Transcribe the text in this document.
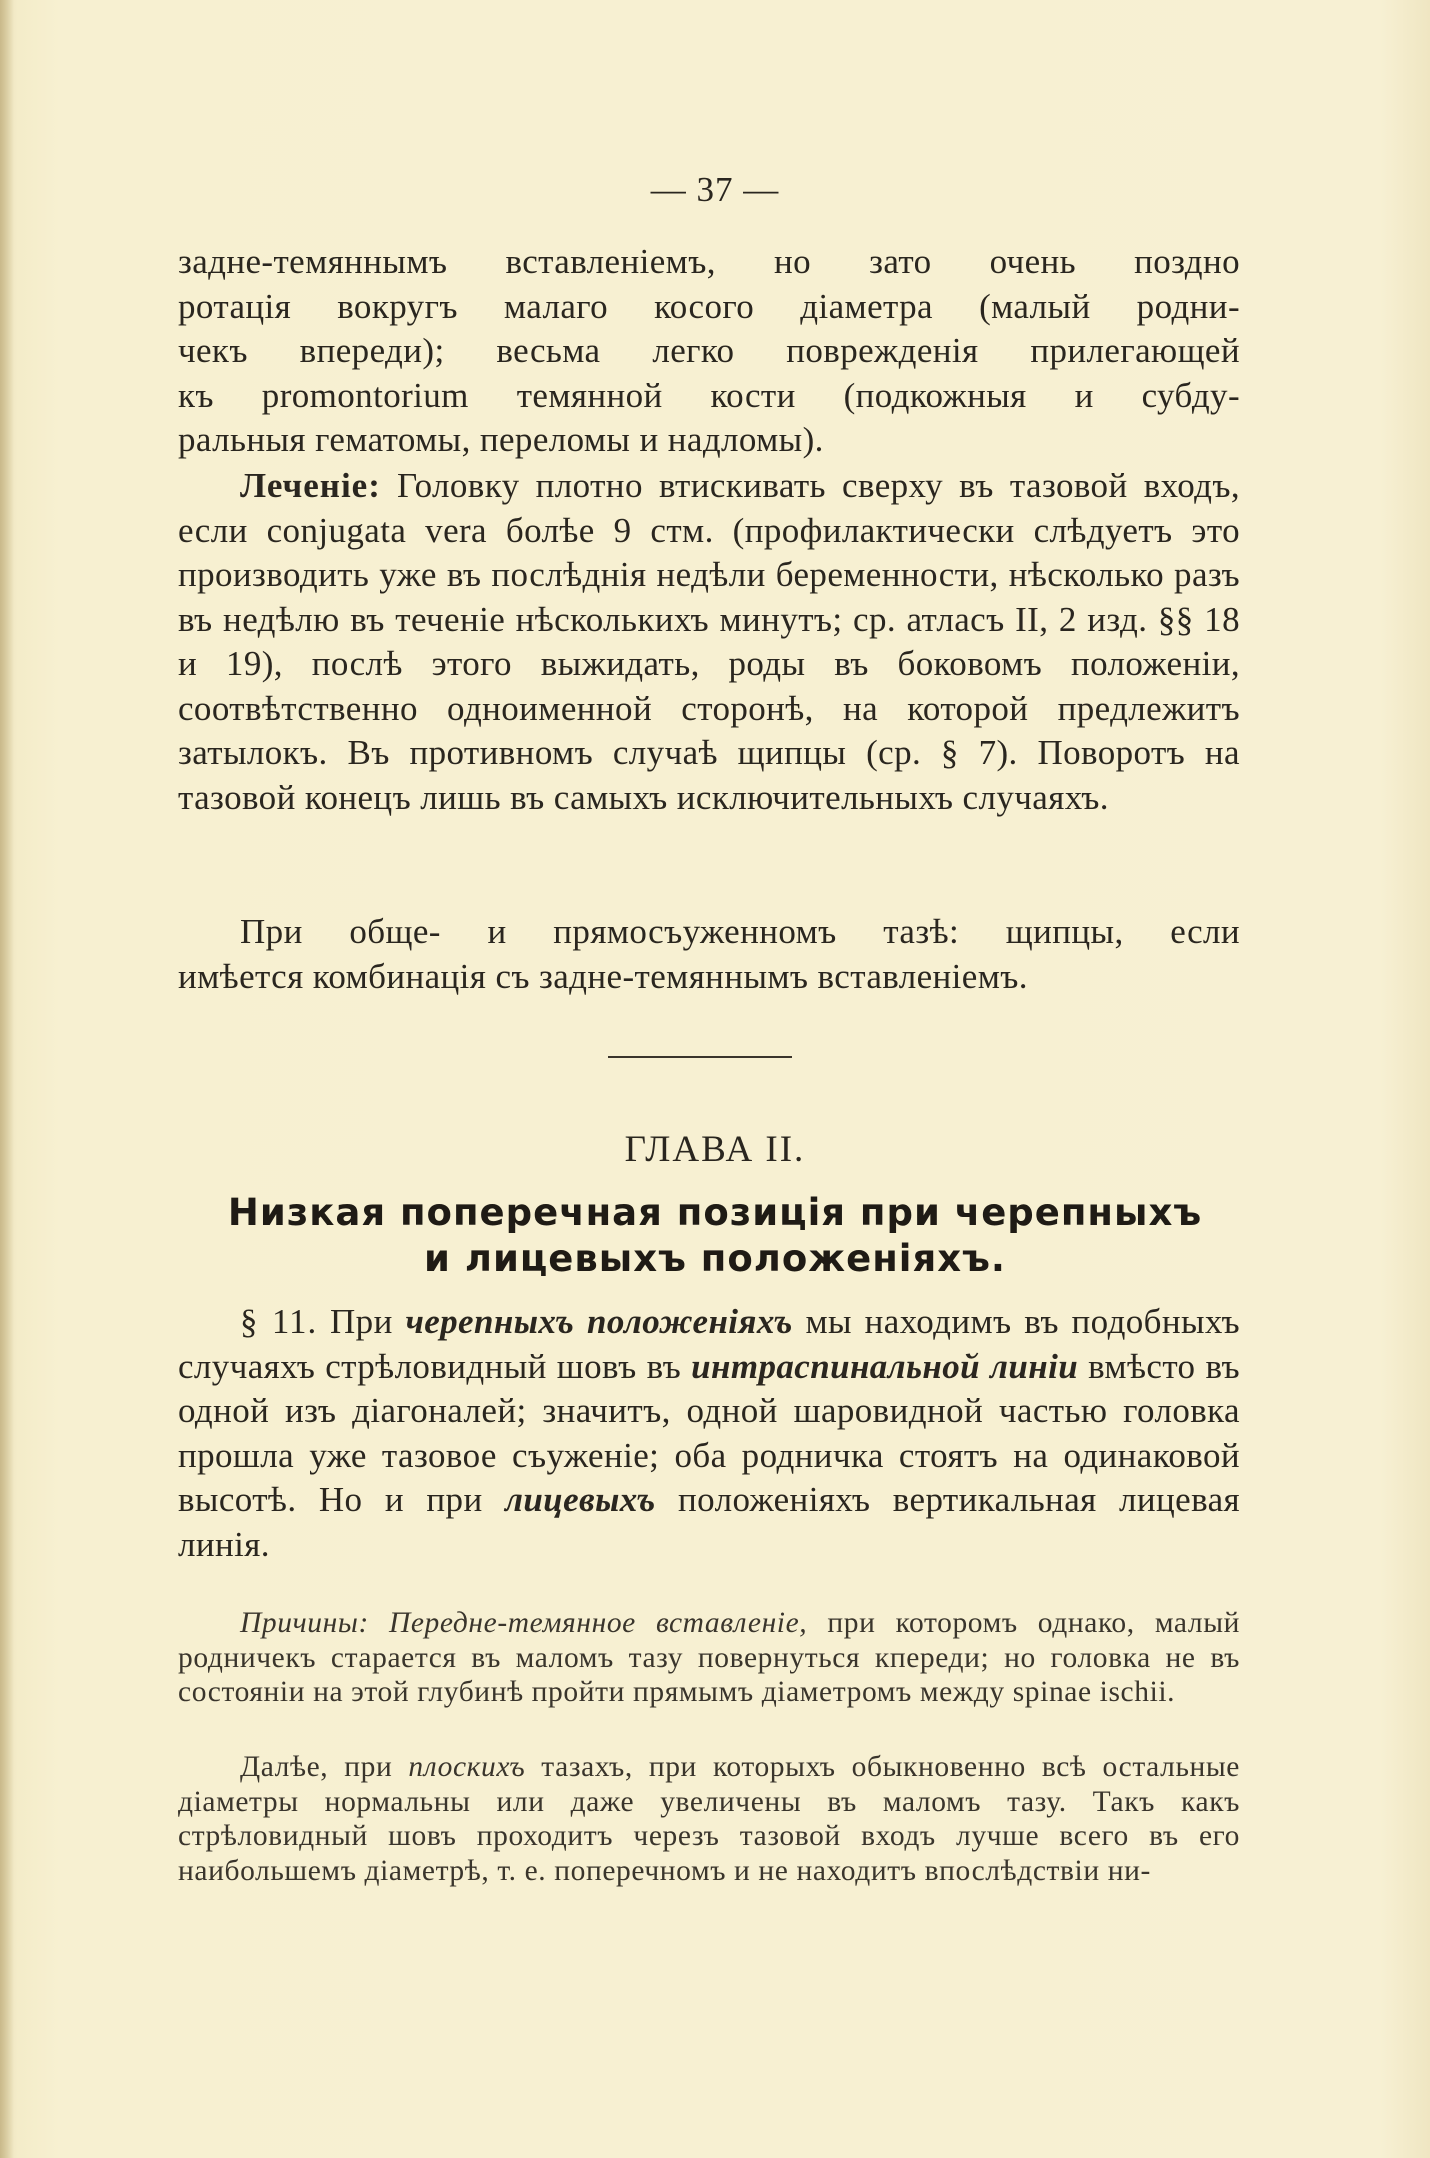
— 37 —
задне-темяннымъ вставленіемъ, но зато очень поздно
ротація вокругъ малаго косого діаметра (малый родни-
чекъ впереди); весьма легко поврежденія прилегающей
къ promontorium темянной кости (подкожныя и субду-
ральныя гематомы, переломы и надломы).

Леченіе: Головку плотно втискивать сверху въ тазовой входъ, если conjugata vera болѣе 9 стм. (профилактически слѣдуетъ это производить уже въ послѣднія недѣли беременности, нѣсколько разъ въ недѣлю въ теченіе нѣсколькихъ минутъ; ср. атласъ II, 2 изд. §§ 18 и 19), послѣ этого выжидать, роды въ боковомъ положеніи, соотвѣтственно одноименной сторонѣ, на которой предлежитъ затылокъ. Въ противномъ случаѣ щипцы (ср. § 7). Поворотъ на тазовой конецъ лишь въ самыхъ исключительныхъ случаяхъ.

При обще- и прямосъуженномъ тазѣ: щипцы, если
имѣется комбинація съ задне-темяннымъ вставленіемъ.
ГЛАВА II.
Низкая поперечная позиція при черепныхъ
и лицевыхъ положеніяхъ.

§ 11. При черепныхъ положеніяхъ мы находимъ въ подобныхъ случаяхъ стрѣловидный шовъ въ интраспинальной линіи вмѣсто въ одной изъ діагоналей; значитъ, одной шаровидной частью головка прошла уже тазовое съуженіе; оба родничка стоятъ на одинаковой высотѣ. Но и при лицевыхъ положеніяхъ вертикальная лицевая линія.

Причины: Передне-темянное вставленіе, при которомъ однако, малый родничекъ старается въ маломъ тазу повернуться кпереди; но головка не въ состояніи на этой глубинѣ пройти прямымъ діаметромъ между spinae ischii.

Далѣе, при плоскихъ тазахъ, при которыхъ обыкновенно всѣ остальные діаметры нормальны или даже увеличены въ маломъ тазу. Такъ какъ стрѣловидный шовъ проходитъ черезъ тазовой входъ лучше всего въ его наибольшемъ діаметрѣ, т. е. поперечномъ и не находитъ впослѣдствіи ни-
